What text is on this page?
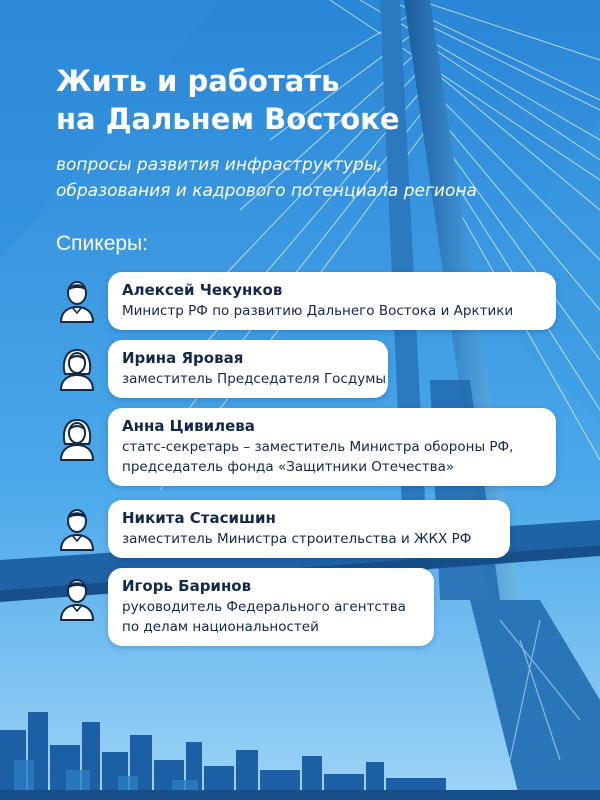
Жить и работать
на Дальнем Востоке

вопросы развития инфраструктуры,
образования и кадрового потенциала региона

Спикеры:
Алексей Чекунков
Министр РФ по развитию Дальнего Востока и Арктики
Ирина Яровая
заместитель Председателя Госдумы
Анна Цивилева
статс-секретарь – заместитель Министра обороны РФ,
председатель фонда «Защитники Отечества»
Никита Стасишин
заместитель Министра строительства и ЖКХ РФ
Игорь Баринов
руководитель Федерального агентства
по делам национальностей
